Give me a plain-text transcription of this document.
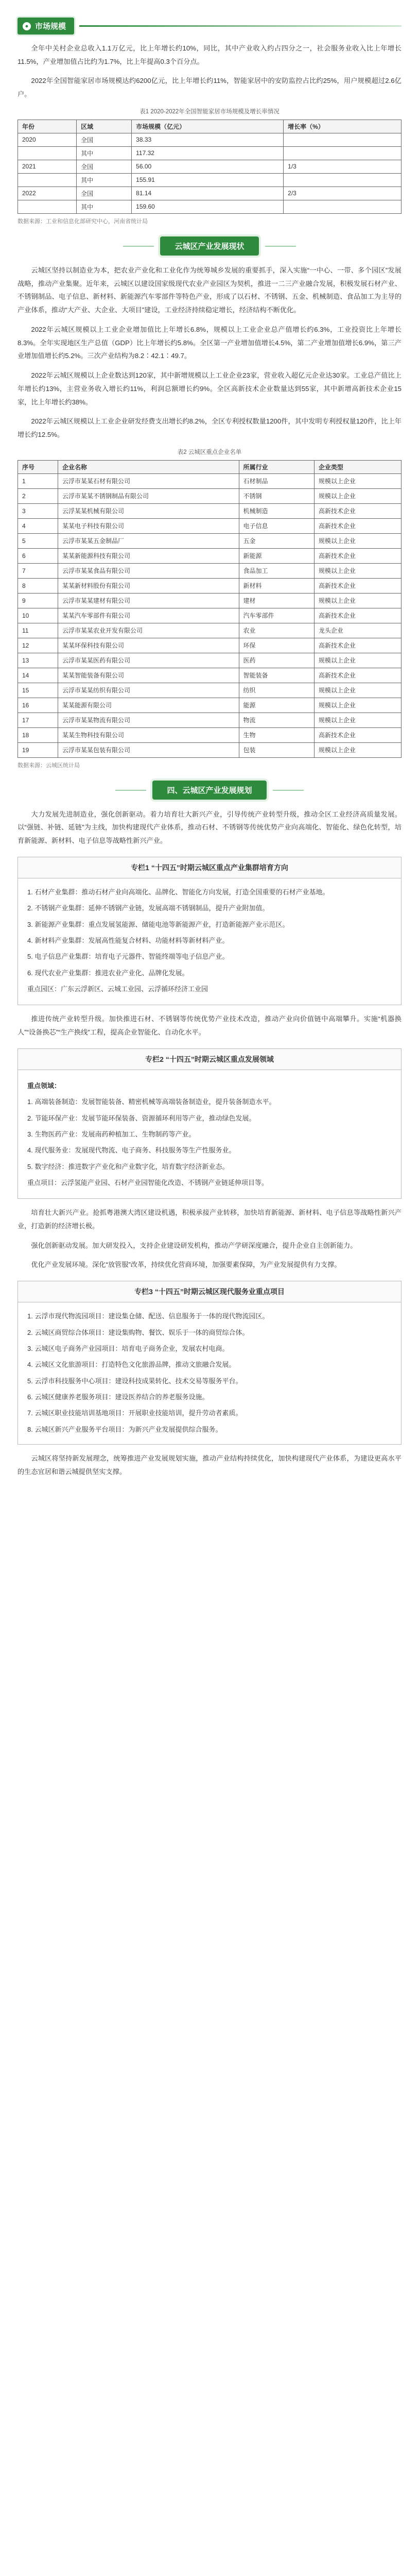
● 市场规模

全年中关村企业总收入1.1万亿元，比上年增长约10%，同比，其中产业收入约占四分之一，社会服务业收入比上年增长11.5%，产业增加值占比约为1.7%，比上年提高0.3个百分点。

2022年全国智能家居市场规模达约6200亿元，比上年增长约11%，智能家居中的安防监控占比约25%，用户规模超过2.6亿户。

表1 2020-2022年全国智能家居市场规模及增长率情况
年份	区域	市场规模（亿元）	增长率（%）
2020	全国	38.33	
	其中	117.32	
2021	全国	56.00	1/3
	其中	155.91	
2022	全国	81.14	2/3
	其中	159.60	
数据来源：工业和信息化部研究中心，河南省统计局
云城区产业发展现状

云城区坚持以制造业为本，把农业产业化和工业化作为统筹城乡发展的重要抓手，深入实施“一中心、一带、多个园区”发展战略，推动产业集聚。近年来，云城区以建设国家级现代农业产业园区为契机，推进一二三产业融合发展，积极发展石材产业、不锈钢制品、电子信息、新材料、新能源汽车零部件等特色产业，形成了以石材、不锈钢、五金、机械制造、食品加工为主导的产业体系，推动“大产业、大企业、大项目”建设，工业经济持续稳定增长，经济结构不断优化。

2022年云城区规模以上工业企业增加值比上年增长6.8%，规模以上工业企业总产值增长约6.3%，工业投资比上年增长8.3%。全年实现地区生产总值（GDP）比上年增长约5.8%。全区第一产业增加值增长4.5%，第二产业增加值增长6.9%，第三产业增加值增长约5.2%。三次产业结构为8.2∶42.1∶49.7。

2022年云城区规模以上企业数达到120家，其中新增规模以上工业企业23家，营业收入超亿元企业达30家。工业总产值比上年增长约13%，主营业务收入增长约11%，利润总额增长约9%。全区高新技术企业数量达到55家，其中新增高新技术企业15家，比上年增长约38%。

2022年云城区规模以上工业企业研发经费支出增长约8.2%，全区专利授权数量1200件，其中发明专利授权量120件，比上年增长约12.5%。

表2 云城区重点企业名单
序号	企业名称	所属行业	企业类型
1	云浮市某某石材有限公司	石材制品	规模以上企业
2	云浮市某某不锈钢制品有限公司	不锈钢	规模以上企业
3	云浮某某机械有限公司	机械制造	高新技术企业
4	某某电子科技有限公司	电子信息	高新技术企业
5	云浮市某某五金制品厂	五金	规模以上企业
6	某某新能源科技有限公司	新能源	高新技术企业
7	云浮市某某食品有限公司	食品加工	规模以上企业
8	某某新材料股份有限公司	新材料	高新技术企业
9	云浮市某某建材有限公司	建材	规模以上企业
10	某某汽车零部件有限公司	汽车零部件	高新技术企业
11	云浮市某某农业开发有限公司	农业	龙头企业
12	某某环保科技有限公司	环保	高新技术企业
13	云浮市某某医药有限公司	医药	规模以上企业
14	某某智能装备有限公司	智能装备	高新技术企业
15	云浮市某某纺织有限公司	纺织	规模以上企业
16	某某能源有限公司	能源	规模以上企业
17	云浮市某某物流有限公司	物流	规模以上企业
18	某某生物科技有限公司	生物	高新技术企业
19	云浮市某某包装有限公司	包装	规模以上企业
数据来源：云城区统计局
四、云城区产业发展规划

大力发展先进制造业，强化创新驱动。着力培育壮大新兴产业，引导传统产业转型升级，推动全区工业经济高质量发展。以“强链、补链、延链”为主线，加快构建现代产业体系，推动石材、不锈钢等传统优势产业向高端化、智能化、绿色化转型，培育新能源、新材料、电子信息等战略性新兴产业。

专栏1 “十四五”时期云城区重点产业集群培育方向
1. 石材产业集群：推动石材产业向高端化、品牌化、智能化方向发展，打造全国重要的石材产业基地。
2. 不锈钢产业集群：延伸不锈钢产业链，发展高端不锈钢制品，提升产业附加值。
3. 新能源产业集群：重点发展氢能源、储能电池等新能源产业，打造新能源产业示范区。
4. 新材料产业集群：发展高性能复合材料、功能材料等新材料产业。
5. 电子信息产业集群：培育电子元器件、智能终端等电子信息产业。
6. 现代农业产业集群：推进农业产业化、品牌化发展。
重点园区：广东云浮新区、云城工业园、云浮循环经济工业园

推进传统产业转型升级。加快推进石材、不锈钢等传统优势产业技术改造，推动产业向价值链中高端攀升。实施“机器换人”“设备换芯”“生产换线”工程，提高企业智能化、自动化水平。

专栏2 “十四五”时期云城区重点发展领域
重点领域：
1. 高端装备制造：发展智能装备、精密机械等高端装备制造业，提升装备制造水平。
2. 节能环保产业：发展节能环保装备、资源循环利用等产业，推动绿色发展。
3. 生物医药产业：发展南药种植加工、生物制药等产业。
4. 现代服务业：发展现代物流、电子商务、科技服务等生产性服务业。
5. 数字经济：推进数字产业化和产业数字化，培育数字经济新业态。
重点项目：云浮氢能产业园、石材产业园智能化改造、不锈钢产业链延伸项目等。

培育壮大新兴产业。抢抓粤港澳大湾区建设机遇，积极承接产业转移，加快培育新能源、新材料、电子信息等战略性新兴产业，打造新的经济增长极。

强化创新驱动发展。加大研发投入，支持企业建设研发机构，推动产学研深度融合，提升企业自主创新能力。

优化产业发展环境。深化“放管服”改革，持续优化营商环境，加强要素保障，为产业发展提供有力支撑。

专栏3 “十四五”时期云城区现代服务业重点项目
1. 云浮市现代物流园项目：建设集仓储、配送、信息服务于一体的现代物流园区。
2. 云城区商贸综合体项目：建设集购物、餐饮、娱乐于一体的商贸综合体。
3. 云城区电子商务产业园项目：培育电子商务企业，发展农村电商。
4. 云城区文化旅游项目：打造特色文化旅游品牌，推动文旅融合发展。
5. 云浮市科技服务中心项目：建设科技成果转化、技术交易等服务平台。
6. 云城区健康养老服务项目：建设医养结合的养老服务设施。
7. 云城区职业技能培训基地项目：开展职业技能培训，提升劳动者素质。
8. 云城区新兴产业服务平台项目：为新兴产业发展提供综合服务。

云城区将坚持新发展理念，统筹推进产业发展规划实施，推动产业结构持续优化，加快构建现代产业体系，为建设更高水平的生态宜居和谐云城提供坚实支撑。
